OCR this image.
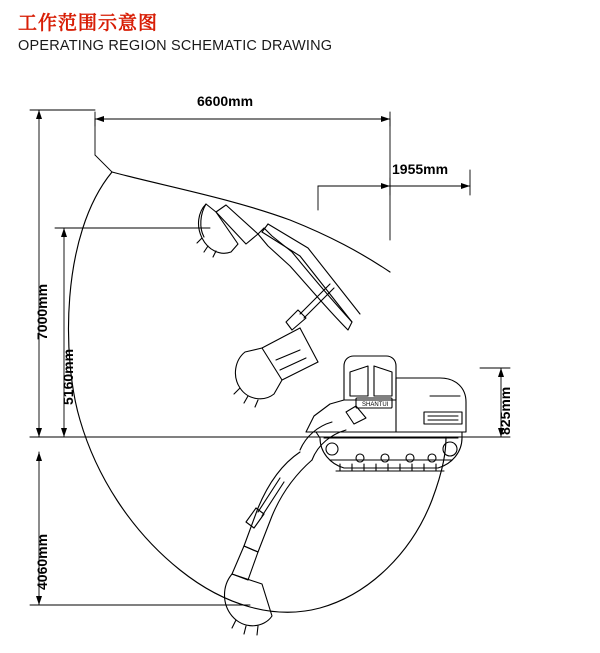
工作范围示意图
OPERATING REGION SCHEMATIC DRAWING
SHANTUI
6600mm
1955mm
7000mm
5160mm
4060mm
825mm
